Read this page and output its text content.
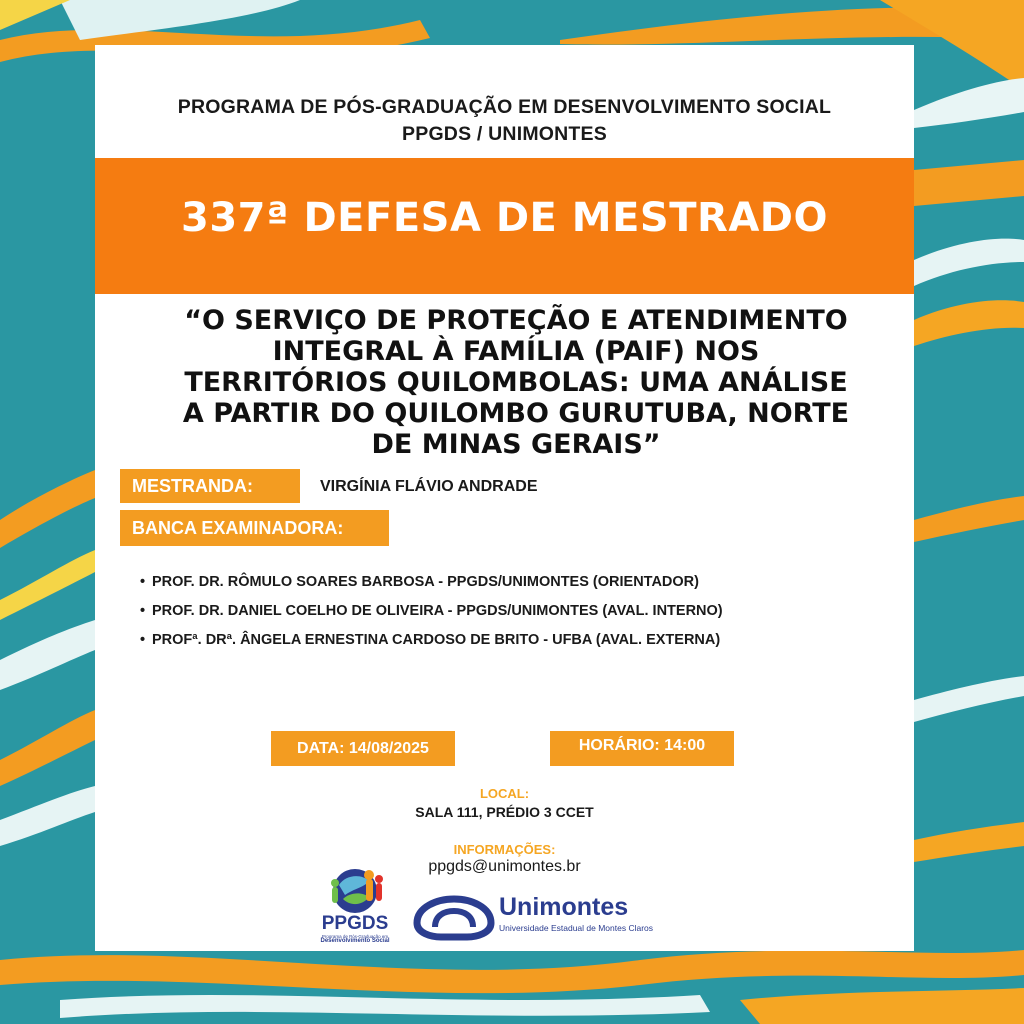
PROGRAMA DE PÓS-GRADUAÇÃO EM DESENVOLVIMENTO SOCIAL
PPGDS / UNIMONTES
337ª DEFESA DE MESTRADO
“O SERVIÇO DE PROTEÇÃO E ATENDIMENTO
INTEGRAL À FAMÍLIA (PAIF) NOS
TERRITÓRIOS QUILOMBOLAS: UMA ANÁLISE
A PARTIR DO QUILOMBO GURUTUBA, NORTE
DE MINAS GERAIS”
MESTRANDA:	VIRGÍNIA FLÁVIO ANDRADE
BANCA EXAMINADORA:
• PROF. DR. RÔMULO SOARES BARBOSA - PPGDS/UNIMONTES (ORIENTADOR)
• PROF. DR. DANIEL COELHO DE OLIVEIRA - PPGDS/UNIMONTES (AVAL. INTERNO)
• PROFª. DRª. ÂNGELA ERNESTINA CARDOSO DE BRITO - UFBA (AVAL. EXTERNA)
DATA: 14/08/2025	HORÁRIO: 14:00
LOCAL:
SALA 111, PRÉDIO 3 CCET
INFORMAÇÕES:
ppgds@unimontes.br
PPGDS
Programa de Pós-Graduação em
Desenvolvimento Social
Unimontes
Universidade Estadual de Montes Claros
